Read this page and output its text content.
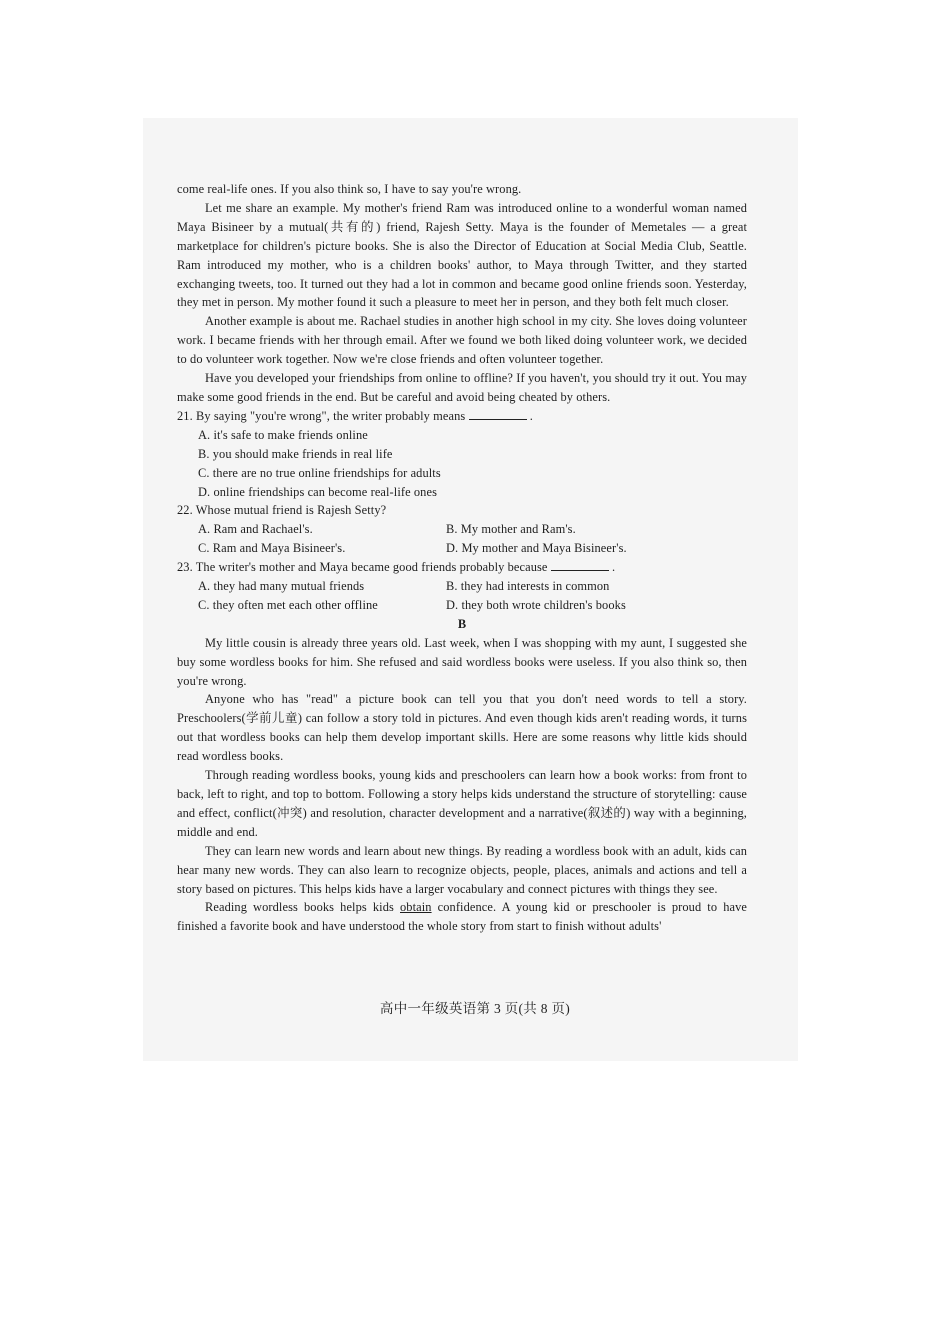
come real-life ones. If you also think so, I have to say you're wrong.

Let me share an example. My mother's friend Ram was introduced online to a wonderful woman named Maya Bisineer by a mutual(共有的) friend, Rajesh Setty. Maya is the founder of Memetales — a great marketplace for children's picture books. She is also the Director of Education at Social Media Club, Seattle. Ram introduced my mother, who is a children books' author, to Maya through Twitter, and they started exchanging tweets, too. It turned out they had a lot in common and became good online friends soon. Yesterday, they met in person. My mother found it such a pleasure to meet her in person, and they both felt much closer.

Another example is about me. Rachael studies in another high school in my city. She loves doing volunteer work. I became friends with her through email. After we found we both liked doing volunteer work, we decided to do volunteer work together. Now we're close friends and often volunteer together.

Have you developed your friendships from online to offline? If you haven't, you should try it out. You may make some good friends in the end. But be careful and avoid being cheated by others.

21. By saying "you're wrong", the writer probably means	.

A. it's safe to make friends online

B. you should make friends in real life

C. there are no true online friendships for adults

D. online friendships can become real-life ones

22. Whose mutual friend is Rajesh Setty?

A. Ram and Rachael's.	B. My mother and Ram's.
C. Ram and Maya Bisineer's.	D. My mother and Maya Bisineer's.

23. The writer's mother and Maya became good friends probably because	.

A. they had many mutual friends	B. they had interests in common
C. they often met each other offline	D. they both wrote children's books

B

My little cousin is already three years old. Last week, when I was shopping with my aunt, I suggested she buy some wordless books for him. She refused and said wordless books were useless. If you also think so, then you're wrong.

Anyone who has "read" a picture book can tell you that you don't need words to tell a story. Preschoolers(学前儿童) can follow a story told in pictures. And even though kids aren't reading words, it turns out that wordless books can help them develop important skills. Here are some reasons why little kids should read wordless books.

Through reading wordless books, young kids and preschoolers can learn how a book works: from front to back, left to right, and top to bottom. Following a story helps kids understand the structure of storytelling: cause and effect, conflict(冲突) and resolution, character development and a narrative(叙述的) way with a beginning, middle and end.

They can learn new words and learn about new things. By reading a wordless book with an adult, kids can hear many new words. They can also learn to recognize objects, people, places, animals and actions and tell a story based on pictures. This helps kids have a larger vocabulary and connect pictures with things they see.

Reading wordless books helps kids obtain confidence. A young kid or preschooler is proud to have finished a favorite book and have understood the whole story from start to finish without adults'

高中一年级英语第 3 页(共 8 页)
